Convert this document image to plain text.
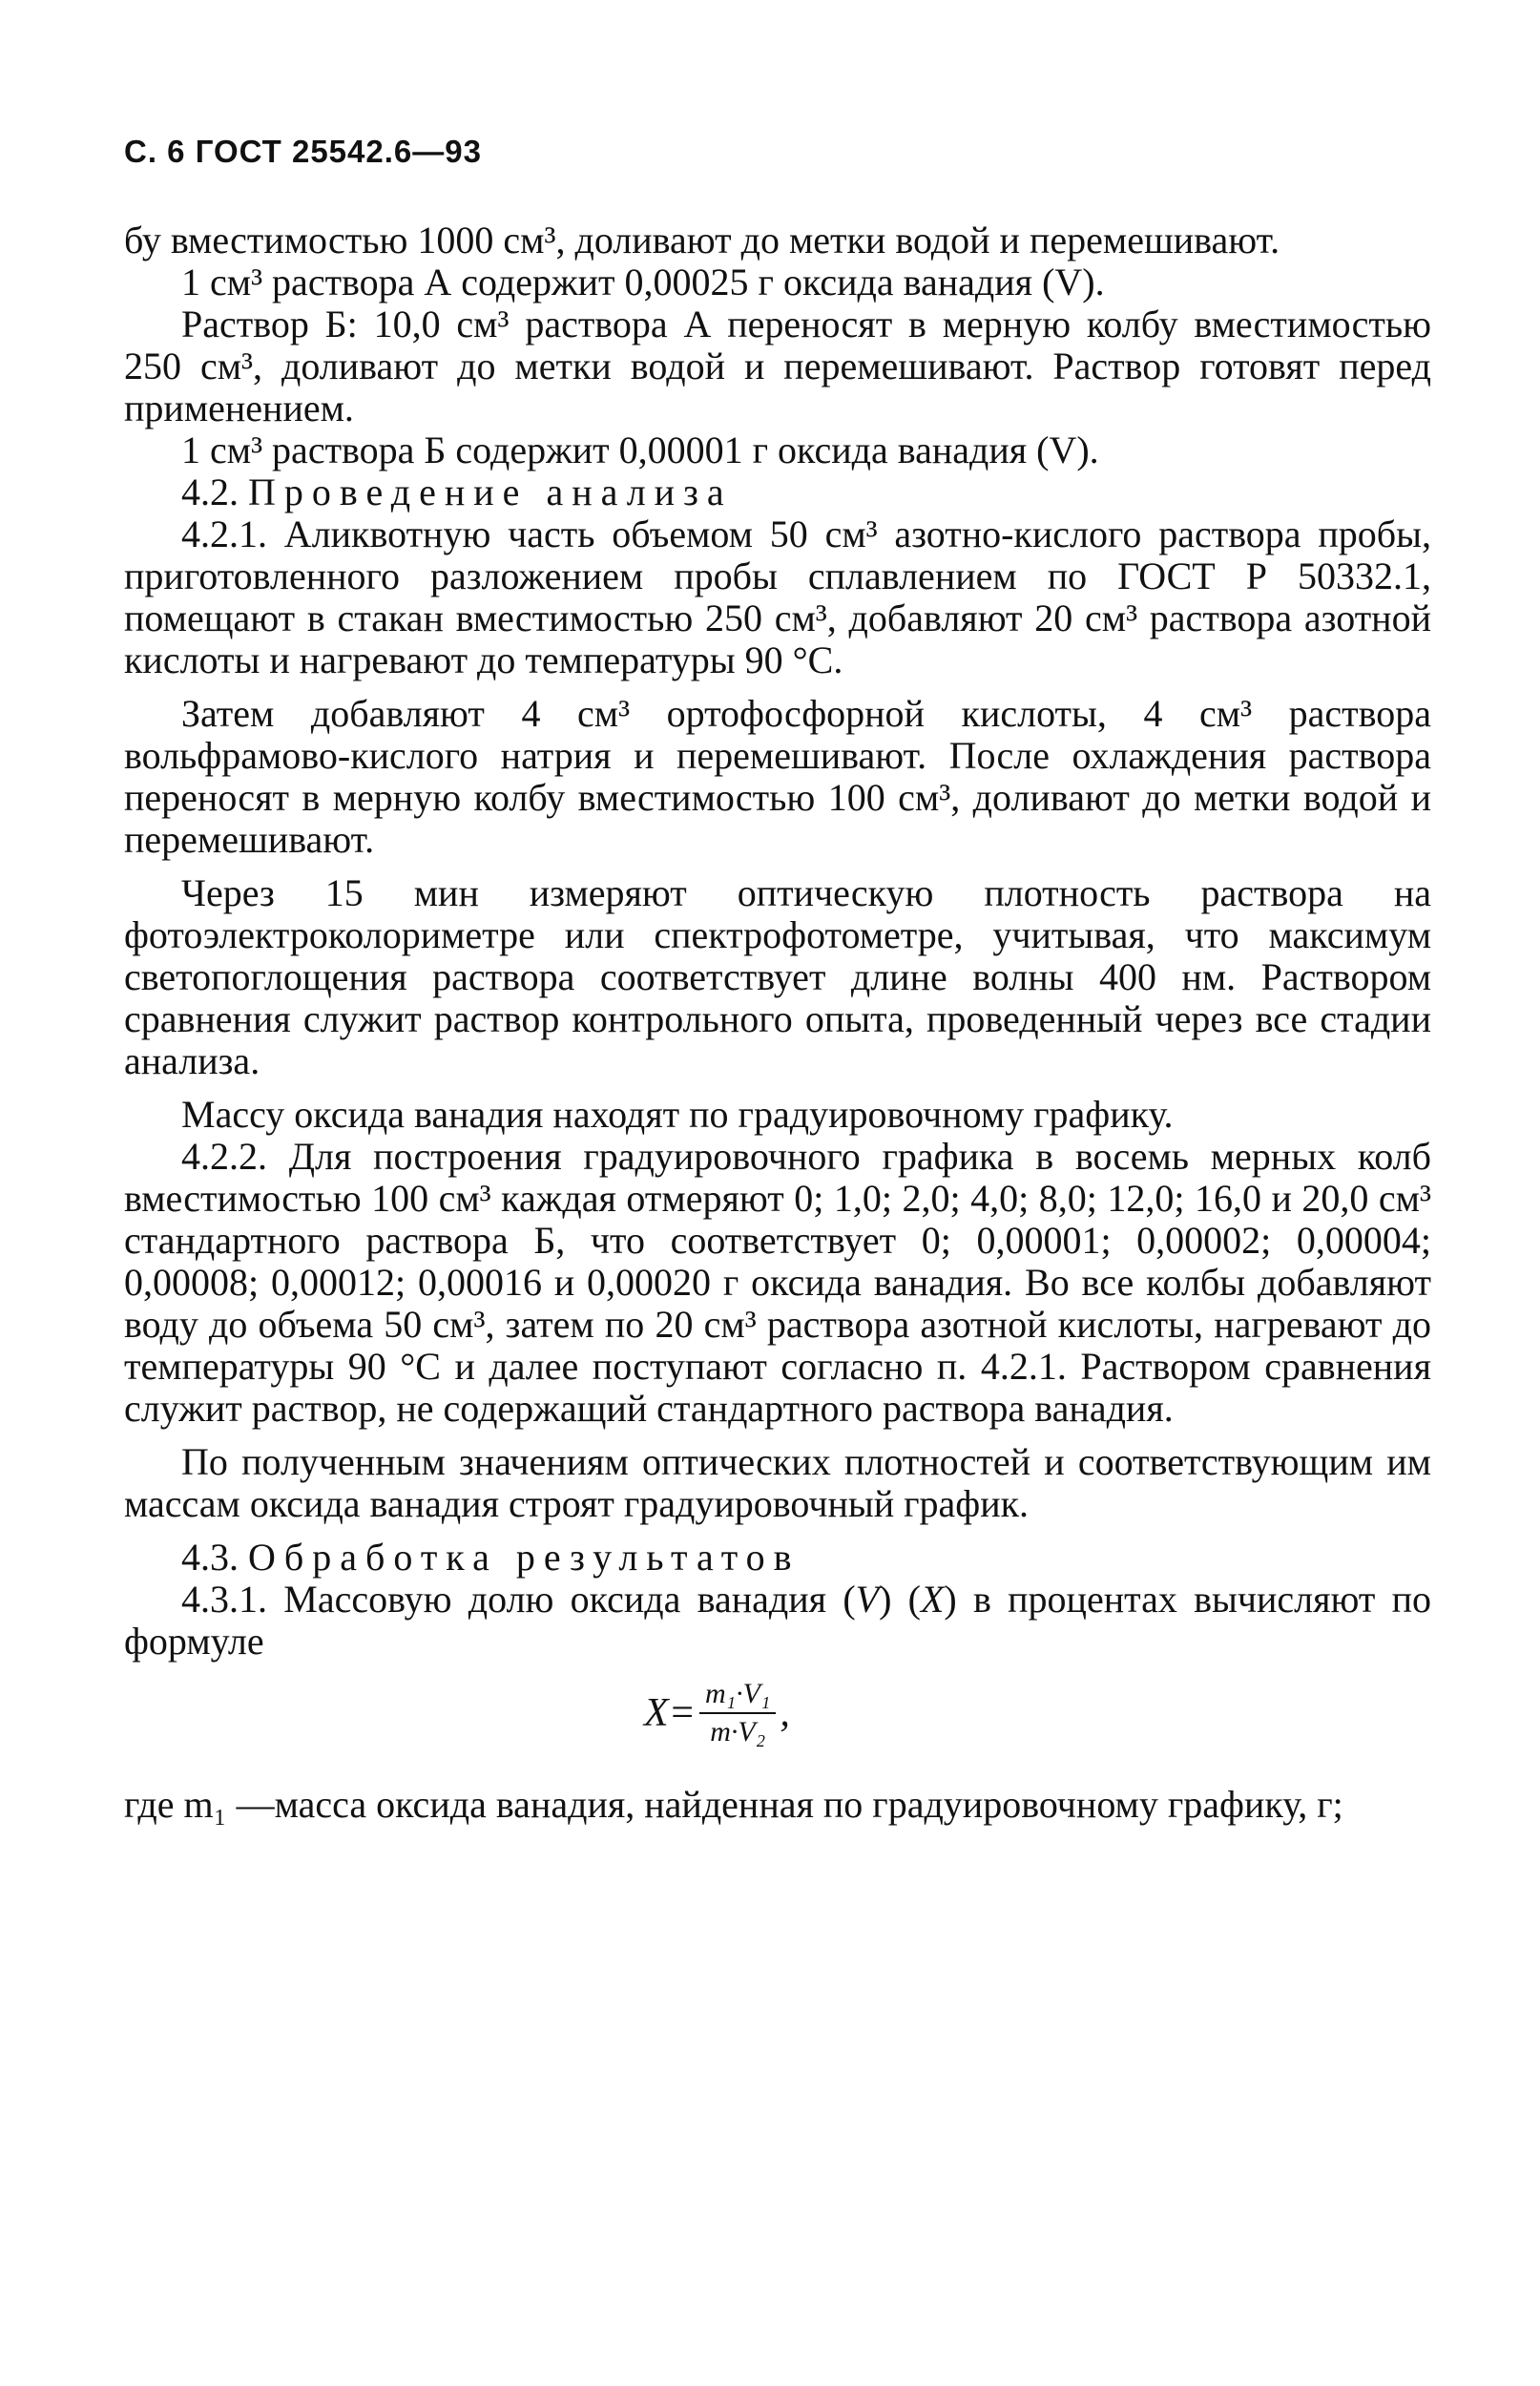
С. 6 ГОСТ 25542.6—93

бу вместимостью 1000 см³, доливают до метки водой и перемешивают.

1 см³ раствора А содержит 0,00025 г оксида ванадия (V).

Раствор Б: 10,0 см³ раствора А переносят в мерную колбу вместимостью 250 см³, доливают до метки водой и перемешивают. Раствор готовят перед применением.

1 см³ раствора Б содержит 0,00001 г оксида ванадия (V).

4.2. Проведение анализа

4.2.1. Аликвотную часть объемом 50 см³ азотно-кислого раствора пробы, приготовленного разложением пробы сплавлением по ГОСТ Р 50332.1, помещают в стакан вместимостью 250 см³, добавляют 20 см³ раствора азотной кислоты и нагревают до температуры 90 °С.

Затем добавляют 4 см³ ортофосфорной кислоты, 4 см³ раствора вольфрамово-кислого натрия и перемешивают. После охлаждения раствора переносят в мерную колбу вместимостью 100 см³, доливают до метки водой и перемешивают.

Через 15 мин измеряют оптическую плотность раствора на фотоэлектроколориметре или спектрофотометре, учитывая, что максимум светопоглощения раствора соответствует длине волны 400 нм. Раствором сравнения служит раствор контрольного опыта, проведенный через все стадии анализа.

Массу оксида ванадия находят по градуировочному графику.

4.2.2. Для построения градуировочного графика в восемь мерных колб вместимостью 100 см³ каждая отмеряют 0; 1,0; 2,0; 4,0; 8,0; 12,0; 16,0 и 20,0 см³ стандартного раствора Б, что соответствует 0; 0,00001; 0,00002; 0,00004; 0,00008; 0,00012; 0,00016 и 0,00020 г оксида ванадия. Во все колбы добавляют воду до объема 50 см³, затем по 20 см³ раствора азотной кислоты, нагревают до температуры 90 °С и далее поступают согласно п. 4.2.1. Раствором сравнения служит раствор, не содержащий стандартного раствора ванадия.

По полученным значениям оптических плотностей и соответствующим им массам оксида ванадия строят градуировочный график.

4.3. Обработка результатов

4.3.1. Массовую долю оксида ванадия (V) (X) в процентах вычисляют по формуле

$X = \frac{\text{m₁·V₁}}{\text{m·V₂}}$ ,
где m₁ — масса оксида ванадия, найденная по градуировочному графику, г;
